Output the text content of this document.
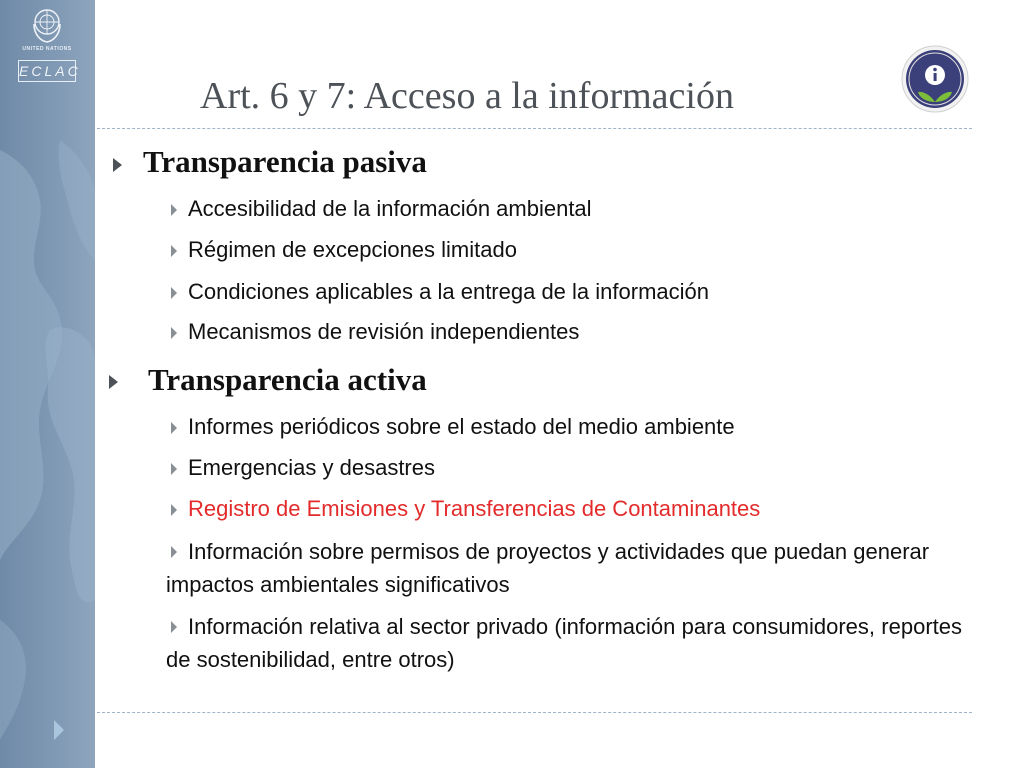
UNITED NATIONS
ECLAC
Art. 6 y 7: Acceso a la información
Transparencia pasiva
Accesibilidad de la información ambiental
Régimen de excepciones limitado
Condiciones aplicables a la entrega de la información
Mecanismos de revisión independientes
Transparencia activa
Informes periódicos sobre el estado del medio ambiente
Emergencias y desastres
Registro de Emisiones y Transferencias de Contaminantes
Información sobre permisos de proyectos y actividades que puedan generar impactos ambientales significativos
Información relativa al sector privado (información para consumidores, reportes de sostenibilidad, entre otros)
